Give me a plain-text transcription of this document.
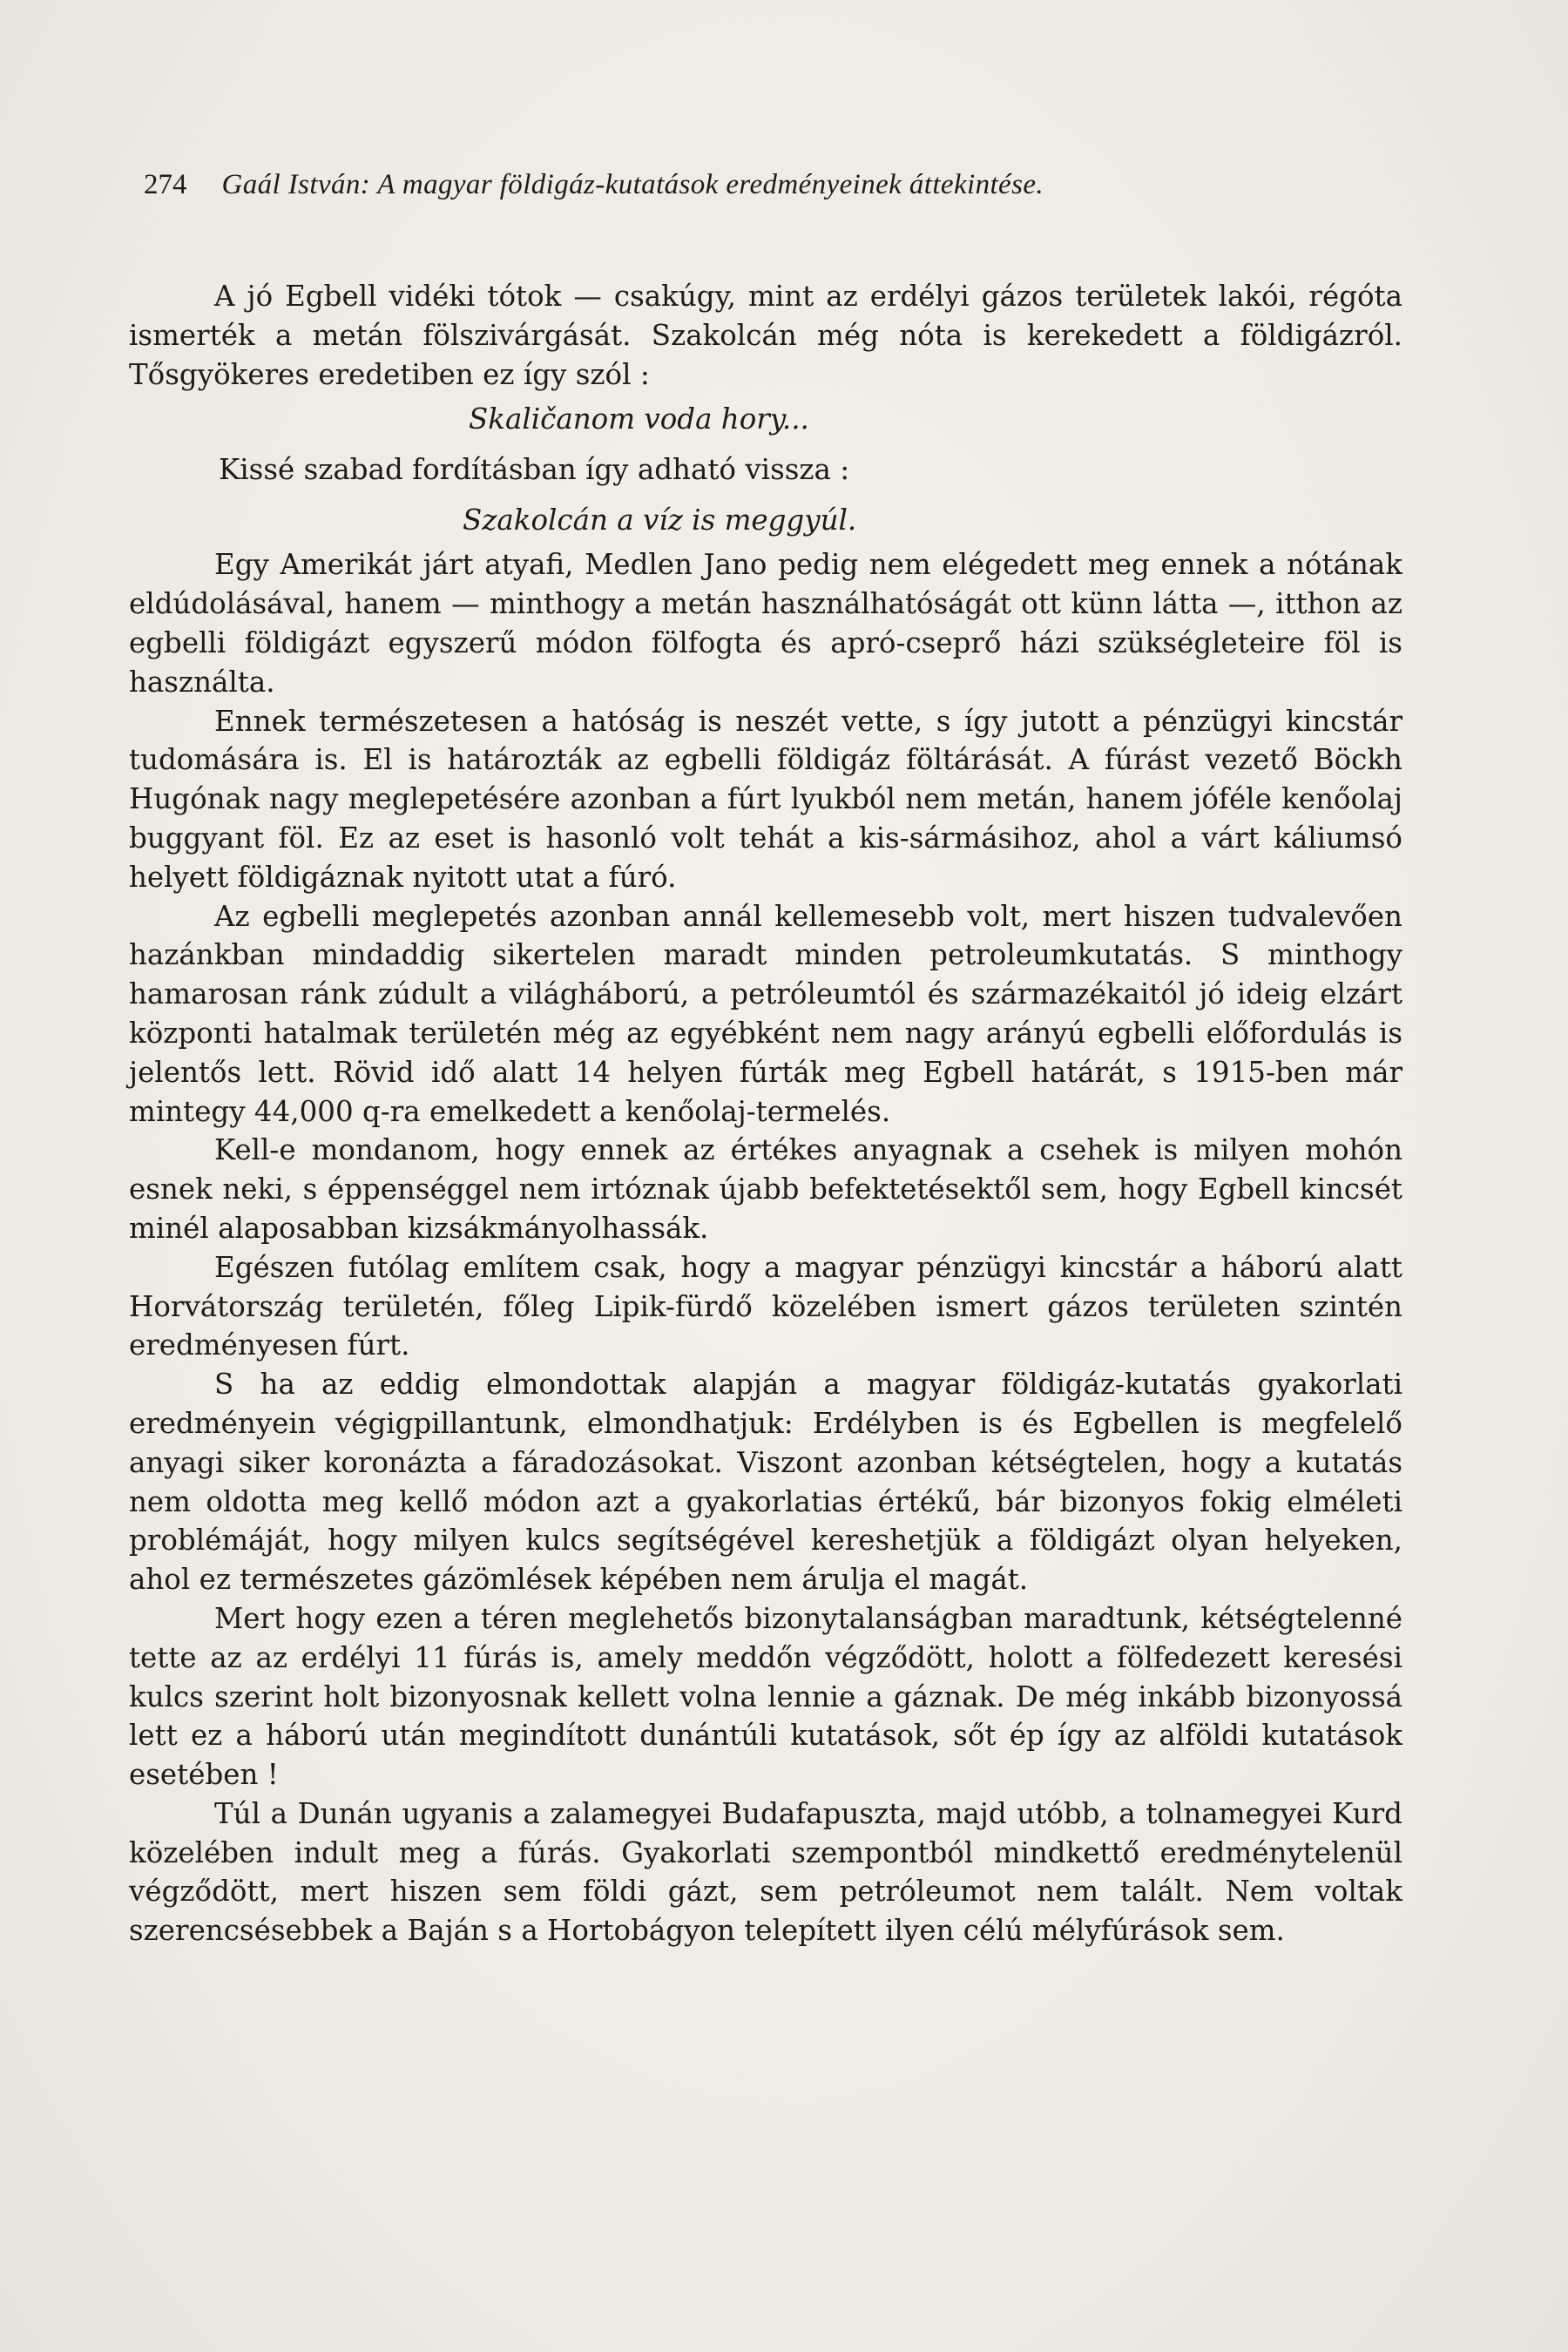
274 Gaál István: A magyar földigáz-kutatások eredményeinek áttekintése.

A jó Egbell vidéki tótok — csakúgy, mint az erdélyi gázos területek lakói, régóta ismerték a metán fölszivárgását. Szakolcán még nóta is kerekedett a földigázról. Tősgyökeres eredetiben ez így szól :

Skaličanom voda hory...

Kissé szabad fordításban így adható vissza :

Szakolcán a víz is meggyúl.

Egy Amerikát járt atyafi, Medlen Jano pedig nem elégedett meg ennek a nótának eldúdolásával, hanem — minthogy a metán használhatóságát ott künn látta —, itthon az egbelli földigázt egyszerű módon fölfogta és apró-cseprő házi szükségleteire föl is használta.

Ennek természetesen a hatóság is neszét vette, s így jutott a pénzügyi kincstár tudomására is. El is határozták az egbelli földigáz föltárását. A fúrást vezető Böckh Hugónak nagy meglepetésére azonban a fúrt lyukból nem metán, hanem jóféle kenőolaj buggyant föl. Ez az eset is hasonló volt tehát a kis-sármásihoz, ahol a várt káliumsó helyett földigáznak nyitott utat a fúró.

Az egbelli meglepetés azonban annál kellemesebb volt, mert hiszen tudvalevően hazánkban mindaddig sikertelen maradt minden petroleumkutatás. S minthogy hamarosan ránk zúdult a világháború, a petróleumtól és származékaitól jó ideig elzárt központi hatalmak területén még az egyébként nem nagy arányú egbelli előfordulás is jelentős lett. Rövid idő alatt 14 helyen fúrták meg Egbell határát, s 1915-ben már mintegy 44,000 q-ra emelkedett a kenőolaj-termelés.

Kell-e mondanom, hogy ennek az értékes anyagnak a csehek is milyen mohón esnek neki, s éppenséggel nem irtóznak újabb befektetésektől sem, hogy Egbell kincsét minél alaposabban kizsákmányolhassák.

Egészen futólag említem csak, hogy a magyar pénzügyi kincstár a háború alatt Horvátország területén, főleg Lipik-fürdő közelében ismert gázos területen szintén eredményesen fúrt.

S ha az eddig elmondottak alapján a magyar földigáz-kutatás gyakorlati eredményein végigpillantunk, elmondhatjuk: Erdélyben is és Egbellen is megfelelő anyagi siker koronázta a fáradozásokat. Viszont azonban kétségtelen, hogy a kutatás nem oldotta meg kellő módon azt a gyakorlatias értékű, bár bizonyos fokig elméleti problémáját, hogy milyen kulcs segítségével kereshetjük a földigázt olyan helyeken, ahol ez természetes gázömlések képében nem árulja el magát.

Mert hogy ezen a téren meglehetős bizonytalanságban maradtunk, kétségtelenné tette az az erdélyi 11 fúrás is, amely meddőn végződött, holott a fölfedezett keresési kulcs szerint holt bizonyosnak kellett volna lennie a gáznak. De még inkább bizonyossá lett ez a háború után megindított dunántúli kutatások, sőt ép így az alföldi kutatások esetében !

Túl a Dunán ugyanis a zalamegyei Budafapuszta, majd utóbb, a tolnamegyei Kurd közelében indult meg a fúrás. Gyakorlati szempontból mindkettő eredménytelenül végződött, mert hiszen sem földi gázt, sem petróleumot nem talált. Nem voltak szerencsésebbek a Baján s a Hortobágyon telepített ilyen célú mélyfúrások sem.
